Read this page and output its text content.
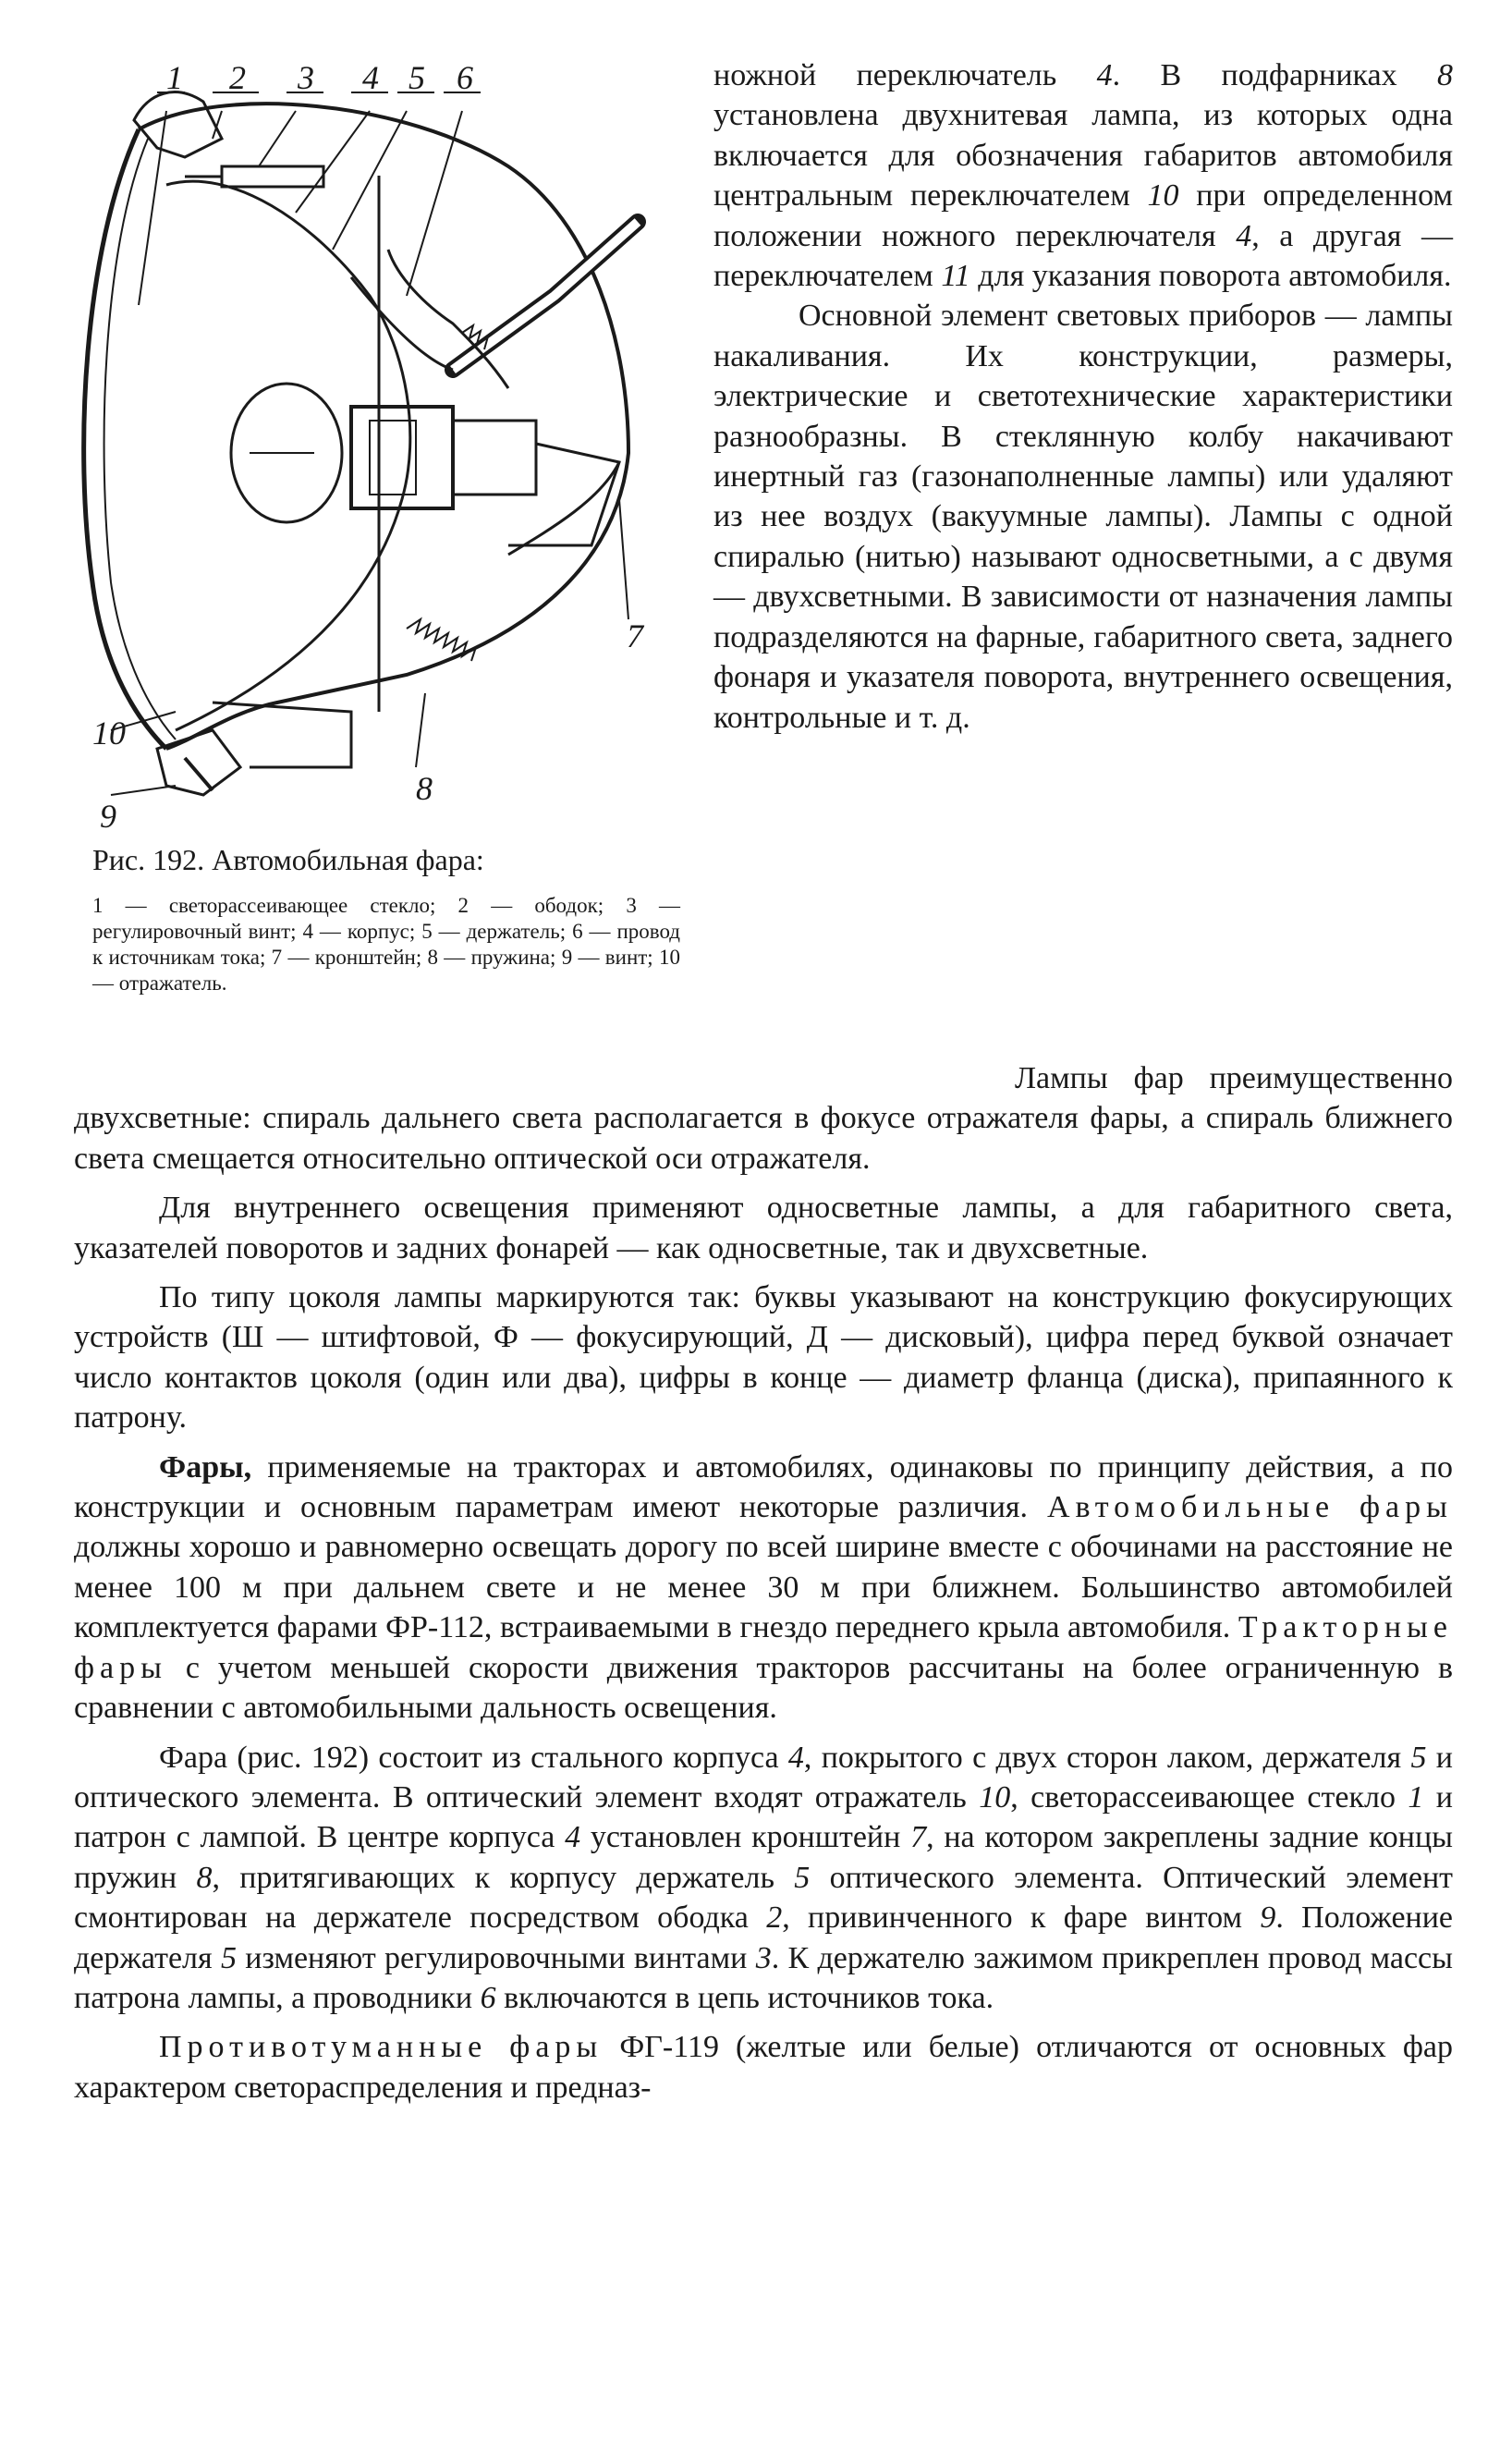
1 2 3 4 5 6
7
8
9
10
Рис. 192. Автомобильная фара:
1 — светорассеивающее стекло; 2 — ободок; 3 — регулировочный винт; 4 — корпус; 5 — держатель; 6 — провод к источникам тока; 7 — кронштейн; 8 — пружина; 9 — винт; 10 — отражатель.

ножной переключатель 4. В подфарниках 8 установлена двухнитевая лампа, из которых одна включается для обозначения габаритов автомобиля центральным переключателем 10 при определенном положении ножного переключателя 4, а другая — переключателем 11 для указания поворота автомобиля.

Основной элемент световых приборов — лампы накаливания. Их конструкции, размеры, электрические и светотехнические характеристики разнообразны. В стеклянную колбу накачивают инертный газ (газонаполненные лампы) или удаляют из нее воздух (вакуумные лампы). Лампы с одной спиралью (нитью) называют односветными, а с двумя — двухсветными. В зависимости от назначения лампы подразделяются на фарные, габаритного света, заднего фонаря и указателя поворота, внутреннего освещения, контрольные и т. д.

Лампы фар преимущественно двухсветные: спираль дальнего света располагается в фокусе отражателя фары, а спираль ближнего света смещается относительно оптической оси отражателя.

Для внутреннего освещения применяют односветные лампы, а для габаритного света, указателей поворотов и задних фонарей — как односветные, так и двухсветные.

По типу цоколя лампы маркируются так: буквы указывают на конструкцию фокусирующих устройств (Ш — штифтовой, Ф — фокусирующий, Д — дисковый), цифра перед буквой означает число контактов цоколя (один или два), цифры в конце — диаметр фланца (диска), припаянного к патрону.

Фары, применяемые на тракторах и автомобилях, одинаковы по принципу действия, а по конструкции и основным параметрам имеют некоторые различия. Автомобильные фары должны хорошо и равномерно освещать дорогу по всей ширине вместе с обочинами на расстояние не менее 100 м при дальнем свете и не менее 30 м при ближнем. Большинство автомобилей комплектуется фарами ФР-112, встраиваемыми в гнездо переднего крыла автомобиля. Тракторные фары с учетом меньшей скорости движения тракторов рассчитаны на более ограниченную в сравнении с автомобильными дальность освещения.

Фара (рис. 192) состоит из стального корпуса 4, покрытого с двух сторон лаком, держателя 5 и оптического элемента. В оптический элемент входят отражатель 10, светорассеивающее стекло 1 и патрон с лампой. В центре корпуса 4 установлен кронштейн 7, на котором закреплены задние концы пружин 8, притягивающих к корпусу держатель 5 оптического элемента. Оптический элемент смонтирован на держателе посредством ободка 2, привинченного к фаре винтом 9. Положение держателя 5 изменяют регулировочными винтами 3. К держателю зажимом прикреплен провод массы патрона лампы, а проводники 6 включаются в цепь источников тока.

Противотуманные фары ФГ-119 (желтые или белые) отличаются от основных фар характером светораспределения и предназ-
